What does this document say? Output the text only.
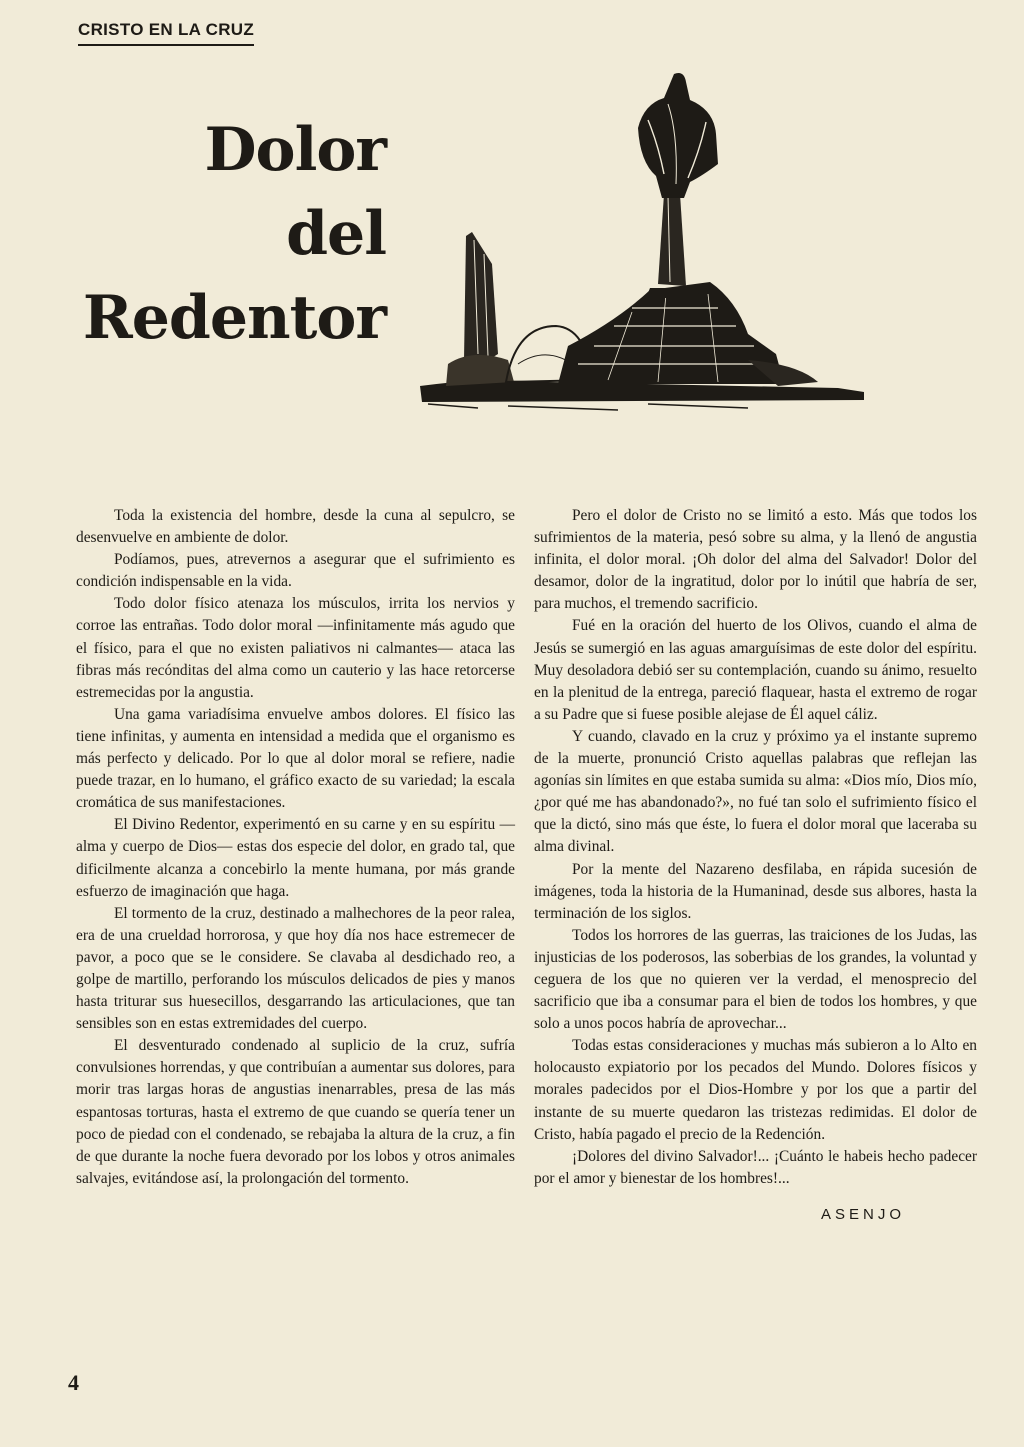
CRISTO EN LA CRUZ
Dolor
del
Redentor

Toda la existencia del hombre, desde la cuna al sepulcro, se desenvuelve en ambiente de dolor.

Podíamos, pues, atrevernos a asegurar que el sufrimiento es condición indispensable en la vida.

Todo dolor físico atenaza los músculos, irrita los nervios y corroe las entrañas. Todo dolor moral —infinitamente más agudo que el físico, para el que no existen paliativos ni calmantes— ataca las fibras más recónditas del alma como un cauterio y las hace retorcerse estremecidas por la angustia.

Una gama variadísima envuelve ambos dolores. El físico las tiene infinitas, y aumenta en intensidad a medida que el organismo es más perfecto y delicado. Por lo que al dolor moral se refiere, nadie puede trazar, en lo humano, el gráfico exacto de su variedad; la escala cromática de sus manifestaciones.

El Divino Redentor, experimentó en su carne y en su espíritu —alma y cuerpo de Dios— estas dos especie del dolor, en grado tal, que dificilmente alcanza a concebirlo la mente humana, por más grande esfuerzo de imaginación que haga.

El tormento de la cruz, destinado a malhechores de la peor ralea, era de una crueldad horrorosa, y que hoy día nos hace estremecer de pavor, a poco que se le considere. Se clavaba al desdichado reo, a golpe de martillo, perforando los músculos delicados de pies y manos hasta triturar sus huesecillos, desgarrando las articulaciones, que tan sensibles son en estas extremidades del cuerpo.

El desventurado condenado al suplicio de la cruz, sufría convulsiones horrendas, y que contribuían a aumentar sus dolores, para morir tras largas horas de angustias inenarrables, presa de las más espantosas torturas, hasta el extremo de que cuando se quería tener un poco de piedad con el condenado, se rebajaba la altura de la cruz, a fin de que durante la noche fuera devorado por los lobos y otros animales salvajes, evitándose así, la prolongación del tormento.

Pero el dolor de Cristo no se limitó a esto. Más que todos los sufrimientos de la materia, pesó sobre su alma, y la llenó de angustia infinita, el dolor moral. ¡Oh dolor del alma del Salvador! Dolor del desamor, dolor de la ingratitud, dolor por lo inútil que habría de ser, para muchos, el tremendo sacrificio.

Fué en la oración del huerto de los Olivos, cuando el alma de Jesús se sumergió en las aguas amarguísimas de este dolor del espíritu. Muy desoladora debió ser su contemplación, cuando su ánimo, resuelto en la plenitud de la entrega, pareció flaquear, hasta el extremo de rogar a su Padre que si fuese posible alejase de Él aquel cáliz.

Y cuando, clavado en la cruz y próximo ya el instante supremo de la muerte, pronunció Cristo aquellas palabras que reflejan las agonías sin límites en que estaba sumida su alma: «Dios mío, Dios mío, ¿por qué me has abandonado?», no fué tan solo el sufrimiento físico el que la dictó, sino más que éste, lo fuera el dolor moral que laceraba su alma divinal.

Por la mente del Nazareno desfilaba, en rápida sucesión de imágenes, toda la historia de la Humaninad, desde sus albores, hasta la terminación de los siglos.

Todos los horrores de las guerras, las traiciones de los Judas, las injusticias de los poderosos, las soberbias de los grandes, la voluntad y ceguera de los que no quieren ver la verdad, el menosprecio del sacrificio que iba a consumar para el bien de todos los hombres, y que solo a unos pocos habría de aprovechar...

Todas estas consideraciones y muchas más subieron a lo Alto en holocausto expiatorio por los pecados del Mundo. Dolores físicos y morales padecidos por el Dios-Hombre y por los que a partir del instante de su muerte quedaron las tristezas redimidas. El dolor de Cristo, había pagado el precio de la Redención.

¡Dolores del divino Salvador!... ¡Cuánto le habeis hecho padecer por el amor y bienestar de los hombres!...

ASENJO
4
